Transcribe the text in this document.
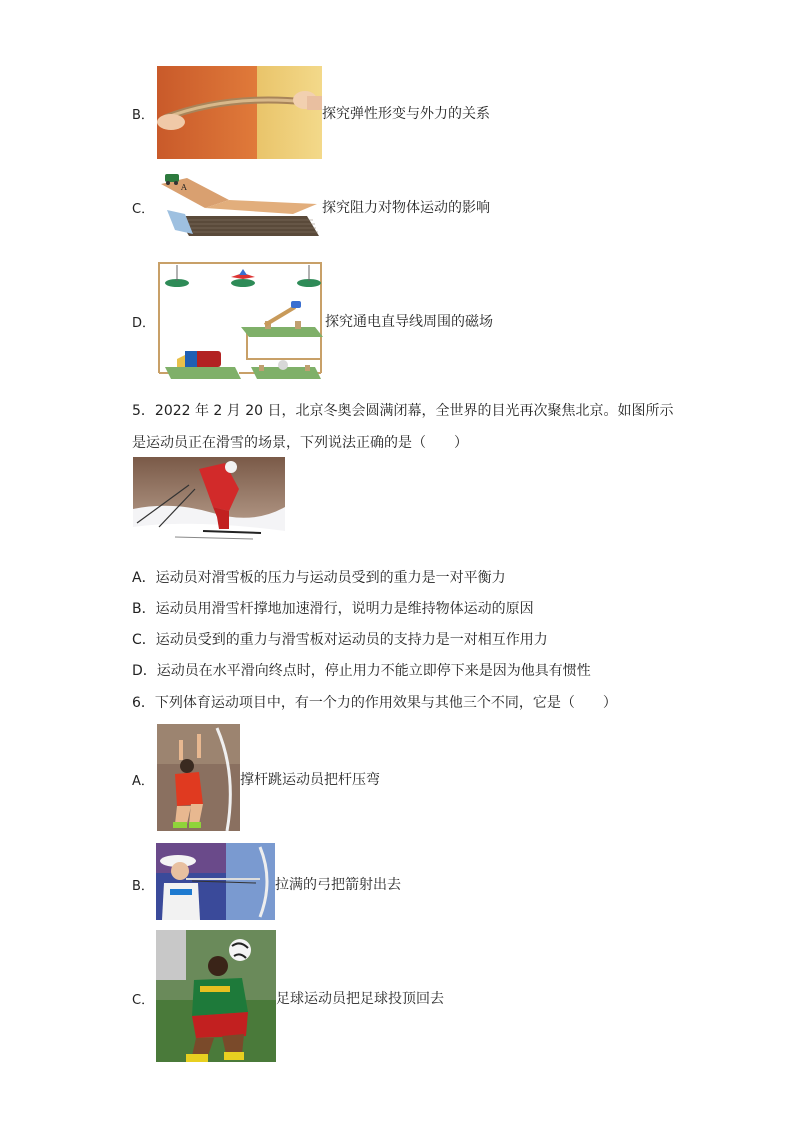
B．	探究弹性形变与外力的关系
C．
A
探究阻力对物体运动的影响
D．	探究通电直导线周围的磁场
5．2022 年 2 月 20 日，北京冬奥会圆满闭幕，全世界的目光再次聚焦北京。如图所示
是运动员正在滑雪的场景，下列说法正确的是（　　）
A．运动员对滑雪板的压力与运动员受到的重力是一对平衡力
B．运动员用滑雪杆撑地加速滑行，说明力是维持物体运动的原因
C．运动员受到的重力与滑雪板对运动员的支持力是一对相互作用力
D．运动员在水平滑向终点时，停止用力不能立即停下来是因为他具有惯性
6．下列体育运动项目中，有一个力的作用效果与其他三个不同，它是（　　）
A．	撑杆跳运动员把杆压弯
B．	拉满的弓把箭射出去
C．	足球运动员把足球投顶回去
